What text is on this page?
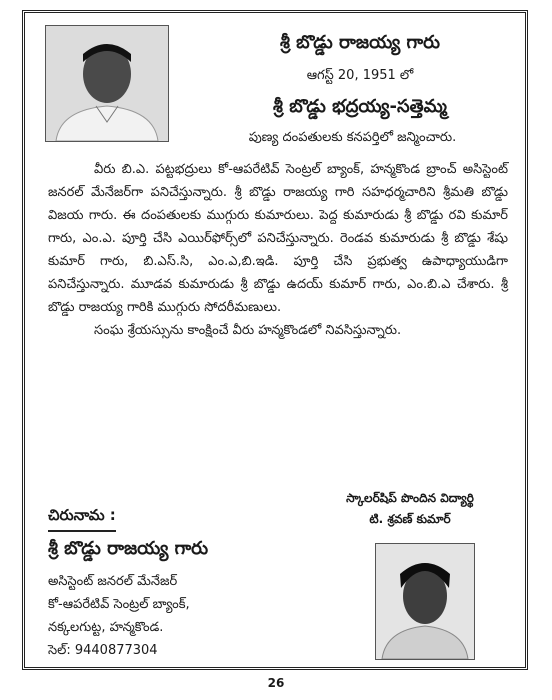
శ్రీ బొడ్డు రాజయ్య గారు
ఆగస్ట్ 20, 1951 లో
శ్రీ బొడ్డు భద్రయ్య-సత్తెమ్మ
పుణ్య దంపతులకు కనపర్తిలో జన్మించారు.

వీరు బి.ఎ. పట్టభద్రులు కో-ఆపరేటివ్ సెంట్రల్ బ్యాంక్, హన్మకొండ బ్రాంచ్ అసిస్టెంట్ జనరల్ మేనేజర్‌గా పనిచేస్తున్నారు. శ్రీ బొడ్డు రాజయ్య గారి సహధర్మచారిని శ్రీమతి బొడ్డు విజయ గారు. ఈ దంపతులకు ముగ్గురు కుమారులు. పెద్ద కుమారుడు శ్రీ బొడ్డు రవి కుమార్ గారు, ఎం.ఎ. పూర్తి చేసి ఎయిర్‌ఫోర్స్‌లో పనిచేస్తున్నారు. రెండవ కుమారుడు శ్రీ బొడ్డు శేషు కుమార్ గారు, బి.ఎస్.సి, ఎం.ఎ,బి.ఇడి. పూర్తి చేసి ప్రభుత్వ ఉపాధ్యాయుడిగా పనిచేస్తున్నారు. మూడవ కుమారుడు శ్రీ బొడ్డు ఉదయ్ కుమార్ గారు, ఎం.బి.ఎ చేశారు. శ్రీ బొడ్డు రాజయ్య గారికి ముగ్గురు సోదరీమణులు.

సంఘ శ్రేయస్సును కాంక్షించే వీరు హన్మకొండలో నివసిస్తున్నారు.

స్కాలర్‌షిప్ పొందిన విద్యార్థి
టి. శ్రవణ్ కుమార్
చిరునామ :
శ్రీ బొడ్డు రాజయ్య గారు
అసిస్టెంట్ జనరల్ మేనేజర్
కో-ఆపరేటివ్ సెంట్రల్ బ్యాంక్,
నక్కలగుట్ట, హన్మకొండ.
సెల్: 9440877304
26
